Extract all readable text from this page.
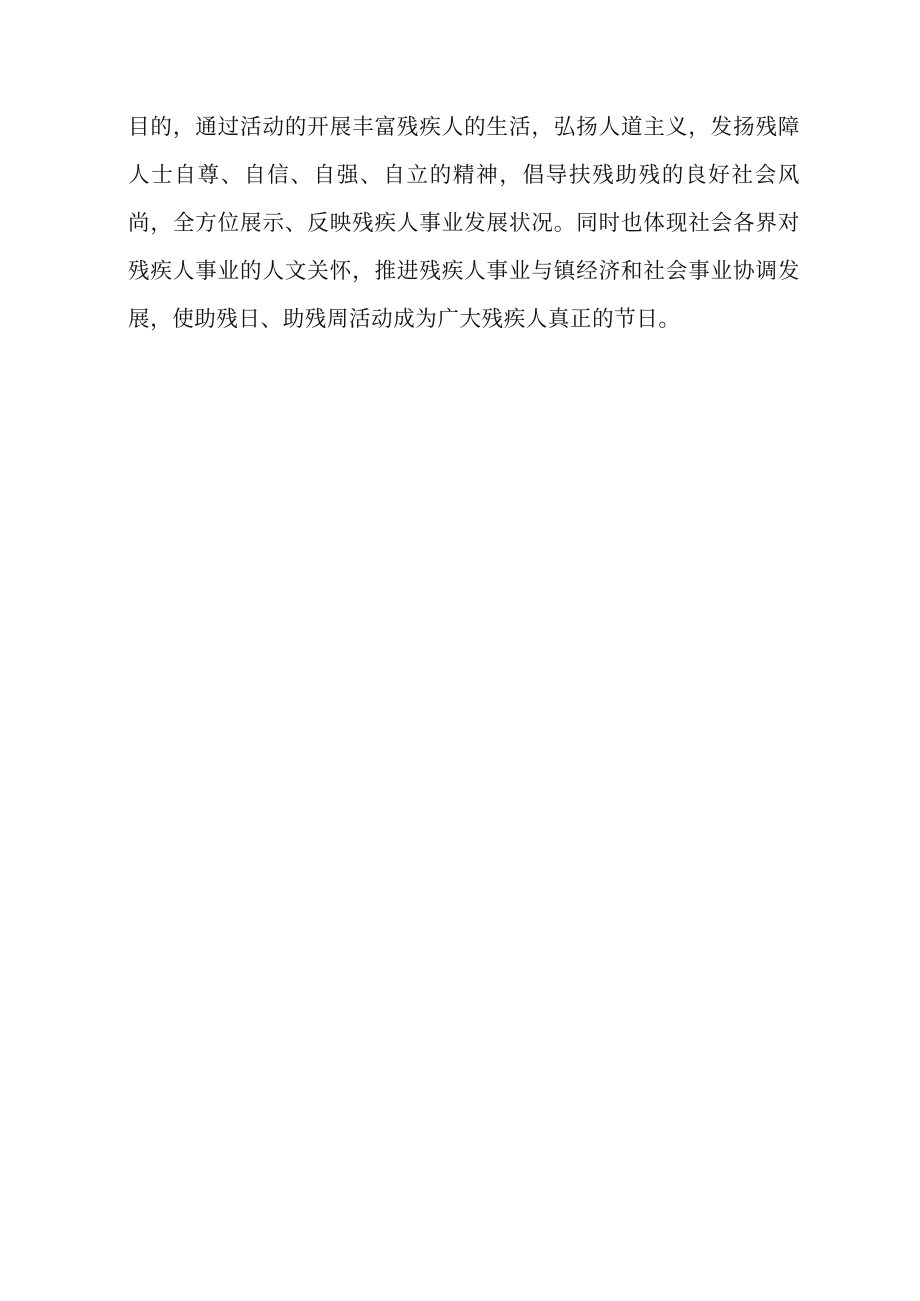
目的，通过活动的开展丰富残疾人的生活，弘扬人道主义，发扬残障人士自尊、自信、自强、自立的精神，倡导扶残助残的良好社会风尚，全方位展示、反映残疾人事业发展状况。同时也体现社会各界对残疾人事业的人文关怀，推进残疾人事业与镇经济和社会事业协调发展，使助残日、助残周活动成为广大残疾人真正的节日。
